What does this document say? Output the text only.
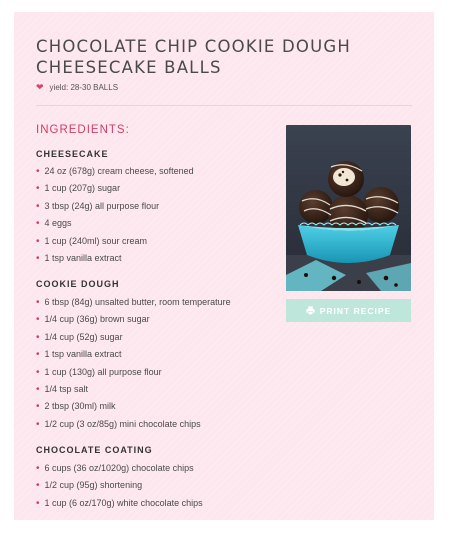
CHOCOLATE CHIP COOKIE DOUGH
CHEESECAKE BALLS
❤ yield: 28-30 BALLS
INGREDIENTS:
CHEESECAKE
• 24 oz (678g) cream cheese, softened
• 1 cup (207g) sugar
• 3 tbsp (24g) all purpose flour
• 4 eggs
• 1 cup (240ml) sour cream
• 1 tsp vanilla extract
COOKIE DOUGH
• 6 tbsp (84g) unsalted butter, room temperature
• 1/4 cup (36g) brown sugar
• 1/4 cup (52g) sugar
• 1 tsp vanilla extract
• 1 cup (130g) all purpose flour
• 1/4 tsp salt
• 2 tbsp (30ml) milk
• 1/2 cup (3 oz/85g) mini chocolate chips
CHOCOLATE COATING
• 6 cups (36 oz/1020g) chocolate chips
• 1/2 cup (95g) shortening
• 1 cup (6 oz/170g) white chocolate chips
PRINT RECIPE
